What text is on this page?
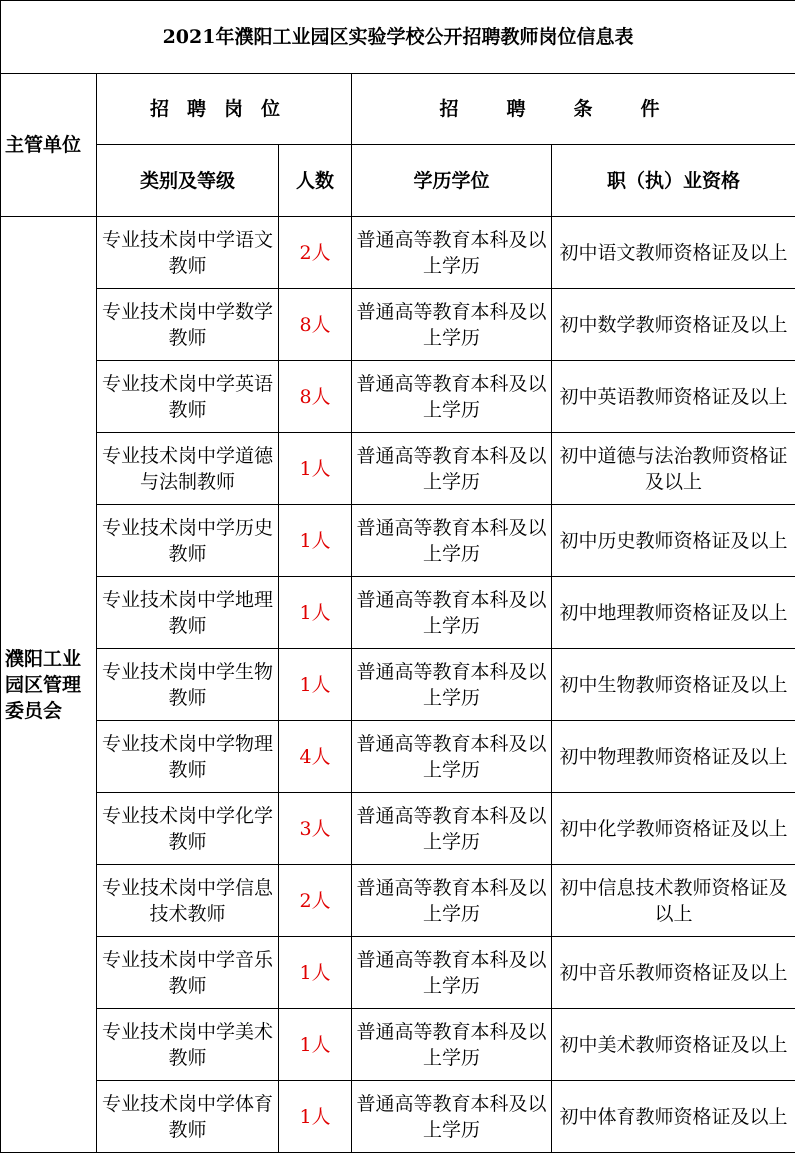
2021年濮阳工业园区实验学校公开招聘教师岗位信息表				
主管单位	招聘岗位		招聘条件	
	类别及等级	人数	学历学位	职（执）业资格
濮阳工业园区管理委员会	专业技术岗中学语文教师	2人	普通高等教育本科及以上学历	初中语文教师资格证及以上
	专业技术岗中学数学教师	8人	普通高等教育本科及以上学历	初中数学教师资格证及以上
	专业技术岗中学英语教师	8人	普通高等教育本科及以上学历	初中英语教师资格证及以上
	专业技术岗中学道德与法制教师	1人	普通高等教育本科及以上学历	初中道德与法治教师资格证及以上
	专业技术岗中学历史教师	1人	普通高等教育本科及以上学历	初中历史教师资格证及以上
	专业技术岗中学地理教师	1人	普通高等教育本科及以上学历	初中地理教师资格证及以上
	专业技术岗中学生物教师	1人	普通高等教育本科及以上学历	初中生物教师资格证及以上
	专业技术岗中学物理教师	4人	普通高等教育本科及以上学历	初中物理教师资格证及以上
	专业技术岗中学化学教师	3人	普通高等教育本科及以上学历	初中化学教师资格证及以上
	专业技术岗中学信息技术教师	2人	普通高等教育本科及以上学历	初中信息技术教师资格证及以上
	专业技术岗中学音乐教师	1人	普通高等教育本科及以上学历	初中音乐教师资格证及以上
	专业技术岗中学美术教师	1人	普通高等教育本科及以上学历	初中美术教师资格证及以上
	专业技术岗中学体育教师	1人	普通高等教育本科及以上学历	初中体育教师资格证及以上
